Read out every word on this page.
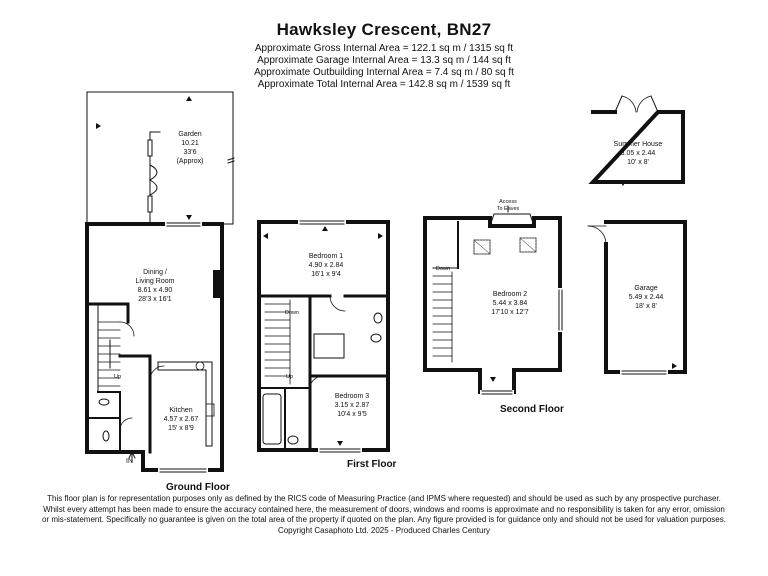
Hawksley Crescent, BN27
Approximate Gross Internal Area = 122.1 sq m / 1315 sq ft
Approximate Garage Internal Area = 13.3 sq m / 144 sq ft
Approximate Outbuilding Internal Area = 7.4 sq m / 80 sq ft
Approximate Total Internal Area = 142.8 sq m / 1539 sq ft
Garden
10.21
33'6
(Approx)
Dining /
Living Room
8.61 x 4.90
28'3 x 16'1
Kitchen
4.57 x 2.67
15' x 8'9
Bedroom 1
4.90 x 2.84
16'1 x 9'4
Bedroom 3
3.15 x 2.87
10'4 x 9'5
Bedroom 2
5.44 x 3.84
17'10 x 12'7
Summer House
3.05 x 2.44
10' x 8'
Garage
5.49 x 2.44
18' x 8'
Up
Down
Up
Down
Access
To Eaves
IN
Ground Floor
First Floor
Second Floor
This floor plan is for representation purposes only as defined by the RICS code of Measuring Practice (and IPMS where requested) and should be used as such by any prospective purchaser. Whilst every attempt has been made to ensure the accuracy contained here, the measurement of doors, windows and rooms is approximate and no responsibility is taken for any error, omission or mis-statement. Specifically no guarantee is given on the total area of the property if quoted on the plan. Any figure provided is for guidance only and should not be used for valuation purposes.
Copyright Casaphoto Ltd. 2025 - Produced Charles Century
